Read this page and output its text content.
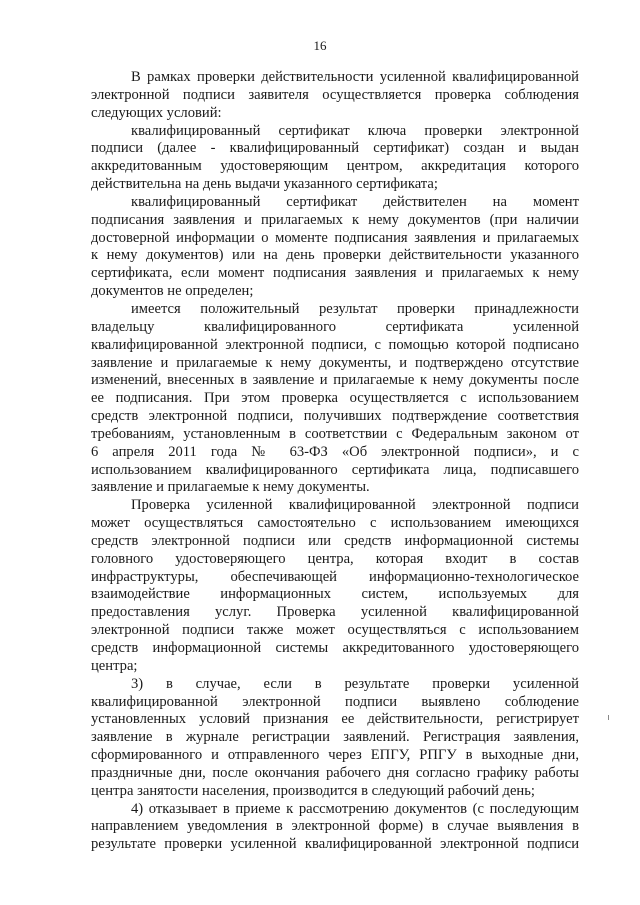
16
В рамках проверки действительности усиленной квалифицированной
электронной подписи заявителя осуществляется проверка соблюдения
следующих условий:
квалифицированный сертификат ключа проверки электронной
подписи (далее - квалифицированный сертификат) создан и выдан
аккредитованным удостоверяющим центром, аккредитация которого
действительна на день выдачи указанного сертификата;
квалифицированный сертификат действителен на момент
подписания заявления и прилагаемых к нему документов (при наличии
достоверной информации о моменте подписания заявления и прилагаемых
к нему документов) или на день проверки действительности указанного
сертификата, если момент подписания заявления и прилагаемых к нему
документов не определен;
имеется положительный результат проверки принадлежности
владельцу квалифицированного сертификата усиленной
квалифицированной электронной подписи, с помощью которой подписано
заявление и прилагаемые к нему документы, и подтверждено отсутствие
изменений, внесенных в заявление и прилагаемые к нему документы после
ее подписания. При этом проверка осуществляется с использованием
средств электронной подписи, получивших подтверждение соответствия
требованиям, установленным в соответствии с Федеральным законом от
6 апреля 2011 года № 63-ФЗ «Об электронной подписи», и с
использованием квалифицированного сертификата лица, подписавшего
заявление и прилагаемые к нему документы.
Проверка усиленной квалифицированной электронной подписи
может осуществляться самостоятельно с использованием имеющихся
средств электронной подписи или средств информационной системы
головного удостоверяющего центра, которая входит в состав
инфраструктуры, обеспечивающей информационно-технологическое
взаимодействие информационных систем, используемых для
предоставления услуг. Проверка усиленной квалифицированной
электронной подписи также может осуществляться с использованием
средств информационной системы аккредитованного удостоверяющего
центра;
3) в случае, если в результате проверки усиленной
квалифицированной электронной подписи выявлено соблюдение
установленных условий признания ее действительности, регистрирует
заявление в журнале регистрации заявлений. Регистрация заявления,
сформированного и отправленного через ЕПГУ, РПГУ в выходные дни,
праздничные дни, после окончания рабочего дня согласно графику работы
центра занятости населения, производится в следующий рабочий день;
4) отказывает в приеме к рассмотрению документов (с последующим
направлением уведомления в электронной форме) в случае выявления в
результате проверки усиленной квалифицированной электронной подписи
